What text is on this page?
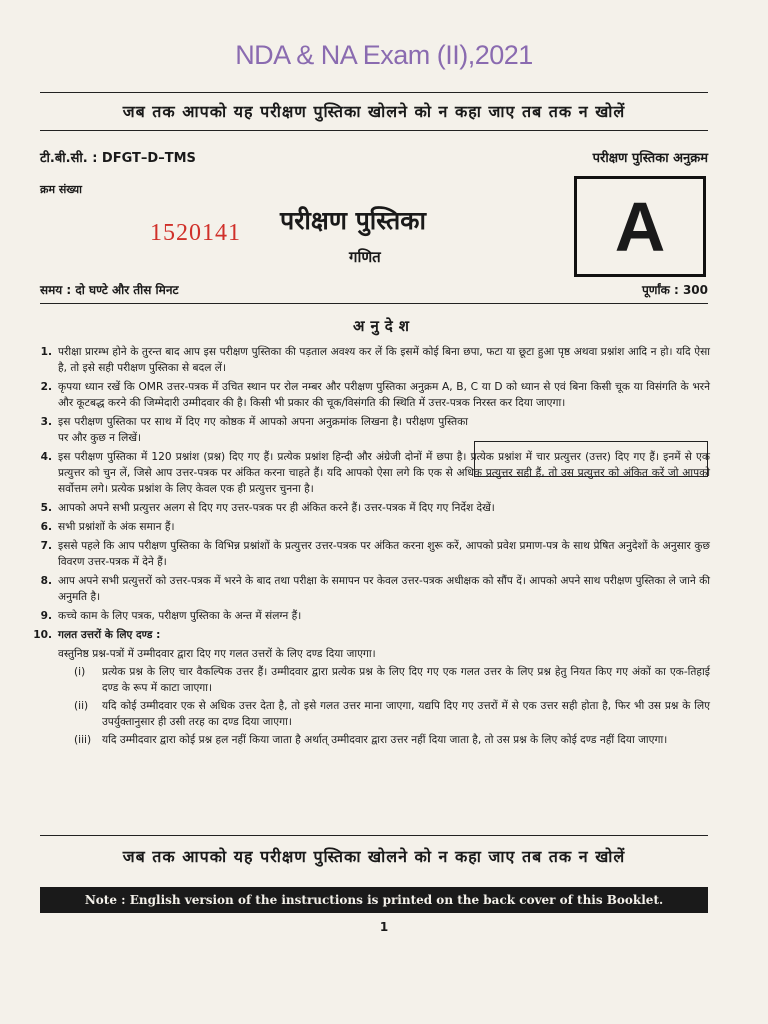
NDA & NA Exam (II),2021
जब तक आपको यह परीक्षण पुस्तिका खोलने को न कहा जाए तब तक न खोलें
टी.बी.सी. : DFGT–D–TMS	परीक्षण पुस्तिका अनुक्रम
क्रम संख्या
1520141 परीक्षण पुस्तिका
गणित	A
समय : दो घण्टे और तीस मिनट	पूर्णांक : 300
अनुदेश
1. परीक्षा प्रारम्भ होने के तुरन्त बाद आप इस परीक्षण पुस्तिका की पड़ताल अवश्य कर लें कि इसमें कोई बिना छपा, फटा या छूटा हुआ पृष्ठ अथवा प्रश्नांश आदि न हो। यदि ऐसा है, तो इसे सही परीक्षण पुस्तिका से बदल लें।
2. कृपया ध्यान रखें कि OMR उत्तर-पत्रक में उचित स्थान पर रोल नम्बर और परीक्षण पुस्तिका अनुक्रम A, B, C या D को ध्यान से एवं बिना किसी चूक या विसंगति के भरने और कूटबद्ध करने की जिम्मेदारी उम्मीदवार की है। किसी भी प्रकार की चूक/विसंगति की स्थिति में उत्तर-पत्रक निरस्त कर दिया जाएगा।
3. इस परीक्षण पुस्तिका पर साथ में दिए गए कोष्ठक में आपको अपना अनुक्रमांक लिखना है। परीक्षण पुस्तिका पर और कुछ न लिखें।
4. इस परीक्षण पुस्तिका में 120 प्रश्नांश (प्रश्न) दिए गए हैं। प्रत्येक प्रश्नांश हिन्दी और अंग्रेजी दोनों में छपा है। प्रत्येक प्रश्नांश में चार प्रत्युत्तर (उत्तर) दिए गए हैं। इनमें से एक प्रत्युत्तर को चुन लें, जिसे आप उत्तर-पत्रक पर अंकित करना चाहते हैं। यदि आपको ऐसा लगे कि एक से अधिक प्रत्युत्तर सही हैं, तो उस प्रत्युत्तर को अंकित करें जो आपको सर्वोत्तम लगे। प्रत्येक प्रश्नांश के लिए केवल एक ही प्रत्युत्तर चुनना है।
5. आपको अपने सभी प्रत्युत्तर अलग से दिए गए उत्तर-पत्रक पर ही अंकित करने हैं। उत्तर-पत्रक में दिए गए निर्देश देखें।
6. सभी प्रश्नांशों के अंक समान हैं।
7. इससे पहले कि आप परीक्षण पुस्तिका के विभिन्न प्रश्नांशों के प्रत्युत्तर उत्तर-पत्रक पर अंकित करना शुरू करें, आपको प्रवेश प्रमाण-पत्र के साथ प्रेषित अनुदेशों के अनुसार कुछ विवरण उत्तर-पत्रक में देने हैं।
8. आप अपने सभी प्रत्युत्तरों को उत्तर-पत्रक में भरने के बाद तथा परीक्षा के समापन पर केवल उत्तर-पत्रक अधीक्षक को सौंप दें। आपको अपने साथ परीक्षण पुस्तिका ले जाने की अनुमति है।
9. कच्चे काम के लिए पत्रक, परीक्षण पुस्तिका के अन्त में संलग्न हैं।
10. गलत उत्तरों के लिए दण्ड :
वस्तुनिष्ठ प्रश्न-पत्रों में उम्मीदवार द्वारा दिए गए गलत उत्तरों के लिए दण्ड दिया जाएगा।
(i)	प्रत्येक प्रश्न के लिए चार वैकल्पिक उत्तर हैं। उम्मीदवार द्वारा प्रत्येक प्रश्न के लिए दिए गए एक गलत उत्तर के लिए प्रश्न हेतु नियत किए गए अंकों का एक-तिहाई दण्ड के रूप में काटा जाएगा।
(ii)	यदि कोई उम्मीदवार एक से अधिक उत्तर देता है, तो इसे गलत उत्तर माना जाएगा, यद्यपि दिए गए उत्तरों में से एक उत्तर सही होता है, फिर भी उस प्रश्न के लिए उपर्युक्तानुसार ही उसी तरह का दण्ड दिया जाएगा।
(iii)	यदि उम्मीदवार द्वारा कोई प्रश्न हल नहीं किया जाता है अर्थात् उम्मीदवार द्वारा उत्तर नहीं दिया जाता है, तो उस प्रश्न के लिए कोई दण्ड नहीं दिया जाएगा।
जब तक आपको यह परीक्षण पुस्तिका खोलने को न कहा जाए तब तक न खोलें
Note : English version of the instructions is printed on the back cover of this Booklet.
1
